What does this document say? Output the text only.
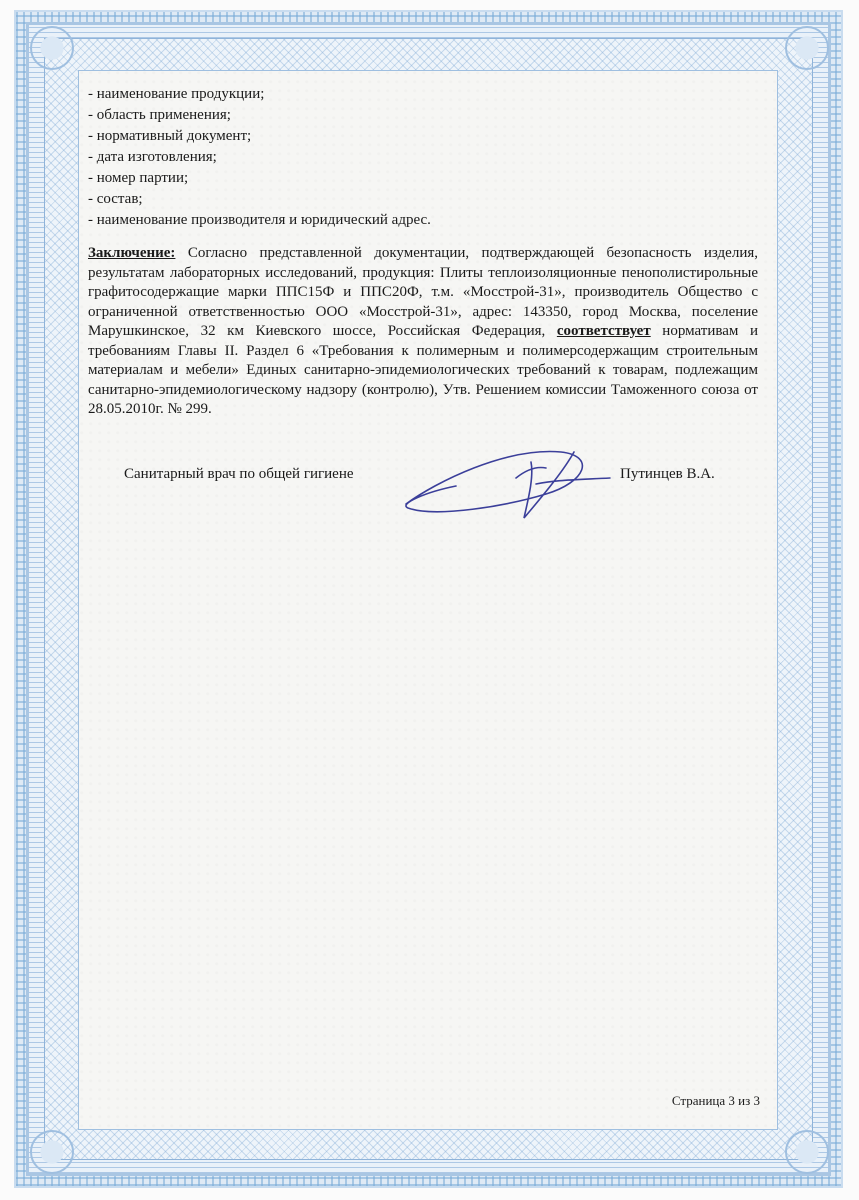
- наименование продукции;
- область применения;
- нормативный документ;
- дата изготовления;
- номер партии;
- состав;
- наименование производителя и юридический адрес.

Заключение: Согласно представленной документации, подтверждающей безопасность изделия, результатам лабораторных исследований, продукция: Плиты теплоизоляционные пенополистирольные графитосодержащие марки ППС15Ф и ППС20Ф, т.м. «Мосстрой-31», производитель Общество с ограниченной ответственностью ООО «Мосстрой-31», адрес: 143350, город Москва, поселение Марушкинское, 32 км Киевского шоссе, Российская Федерация, соответствует нормативам и требованиям Главы II. Раздел 6 «Требования к полимерным и полимерсодержащим строительным материалам и мебели» Единых санитарно-эпидемиологических требований к товарам, подлежащим санитарно-эпидемиологическому надзору (контролю), Утв. Решением комиссии Таможенного союза от 28.05.2010г. № 299.

Санитарный врач по общей гигиене	Путинцев В.А.
Страница 3 из 3
